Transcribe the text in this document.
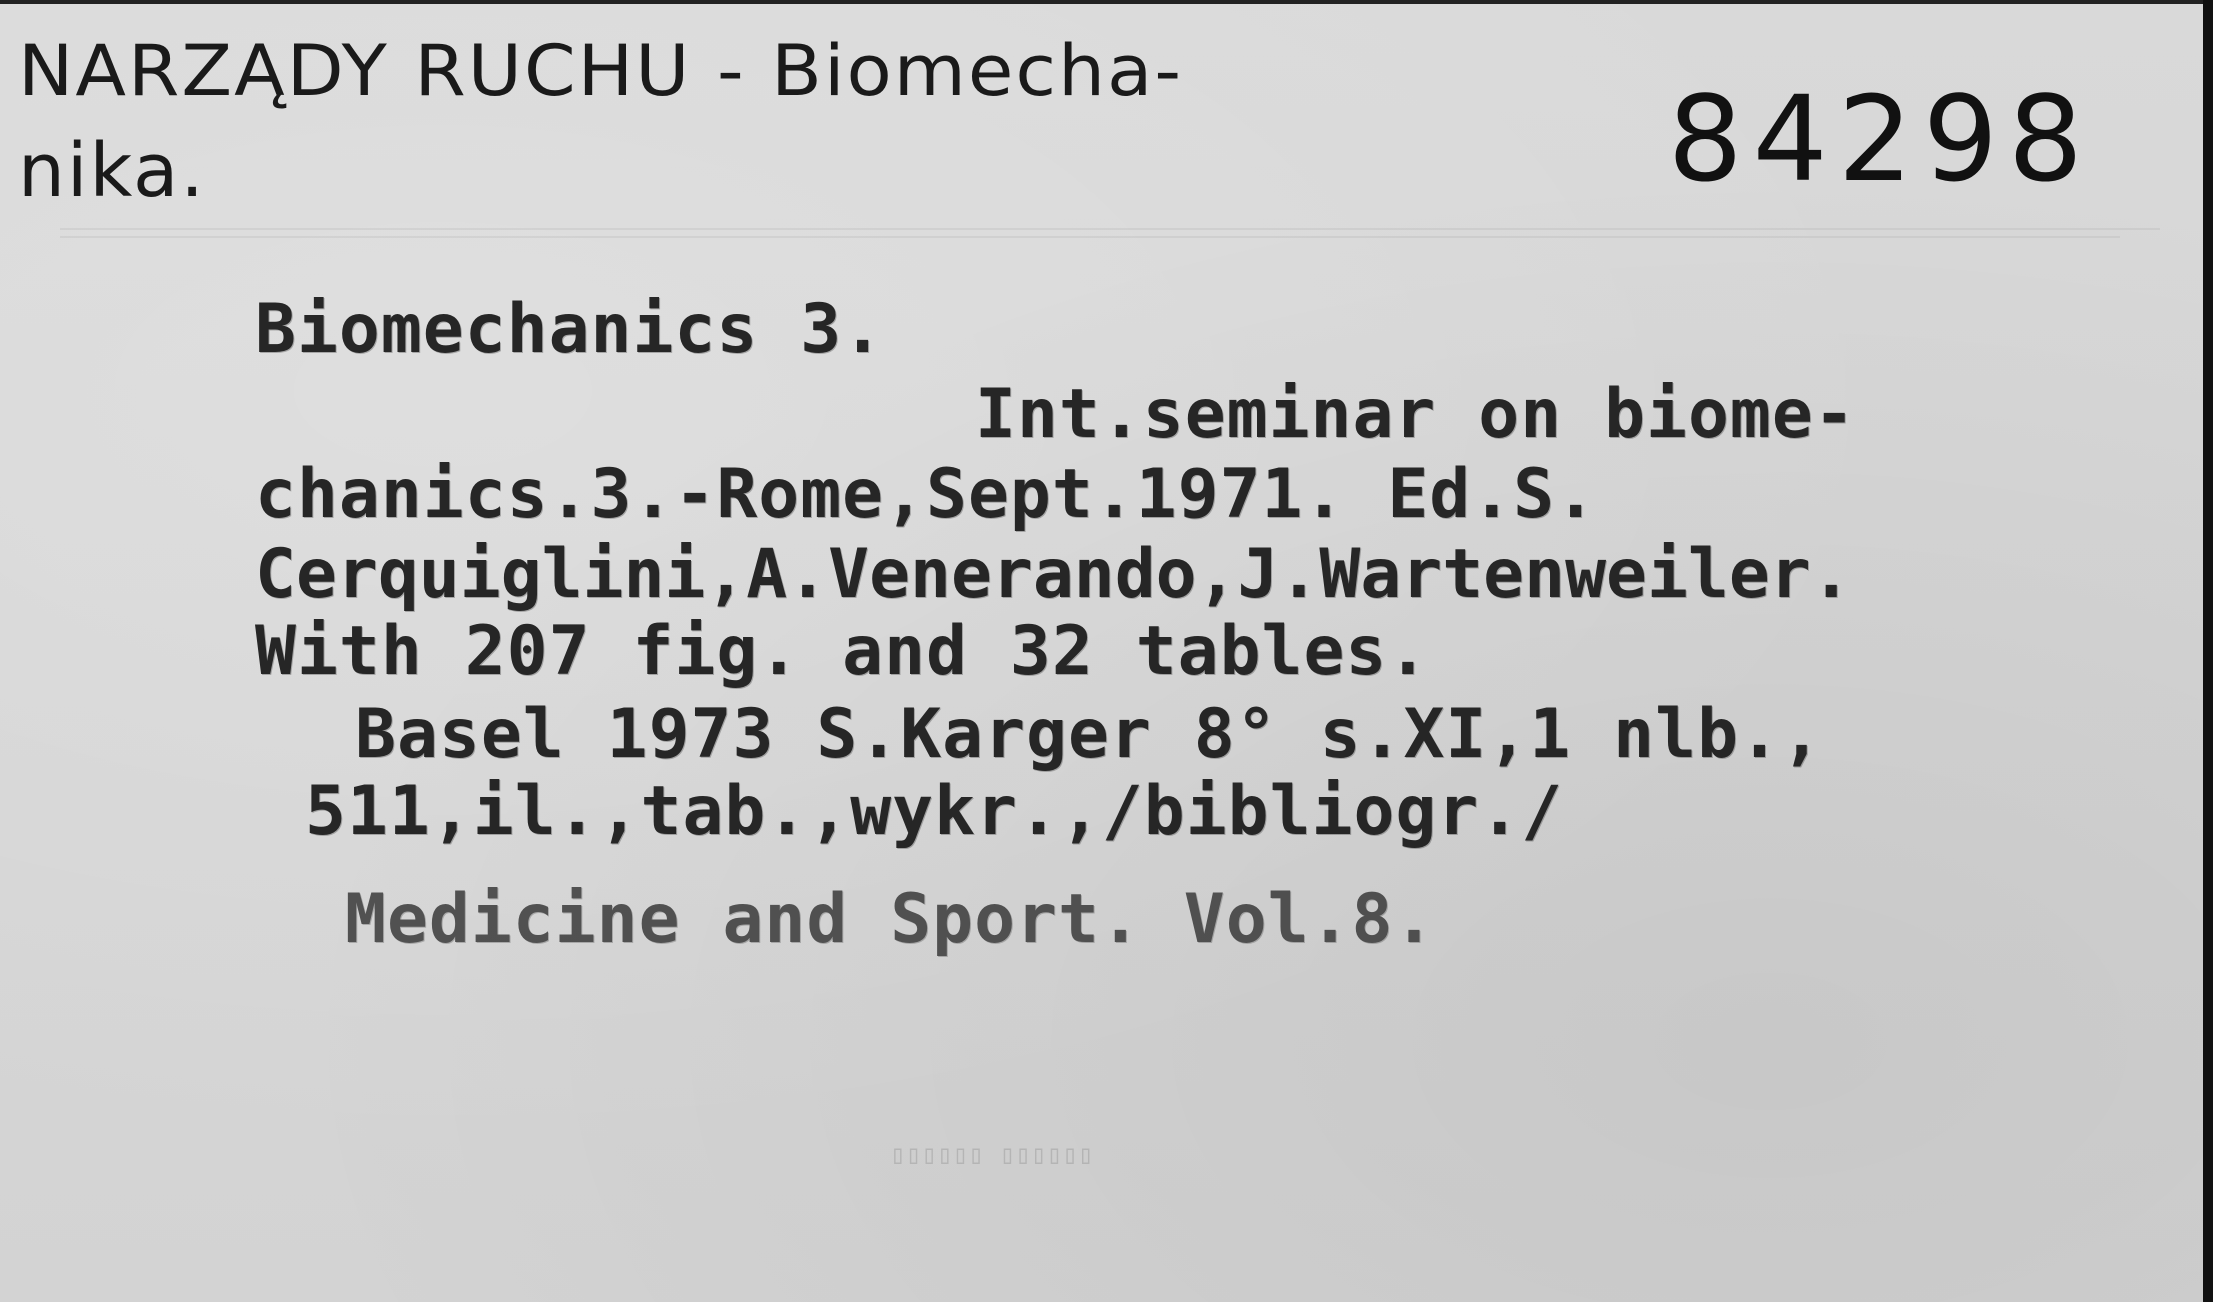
NARZĄDY RUCHU - Biomecha-
nika.	84298
Biomechanics 3.
Int.seminar on biome-
chanics.3.-Rome,Sept.1971. Ed.S.
Cerquiglini,A.Venerando,J.Wartenweiler.
With 207 fig. and 32 tables.
Basel 1973 S.Karger 8° s.XI,1 nlb.,
511,il.,tab.,wykr.,/bibliogr./
Medicine and Sport. Vol.8.
▯▯▯▯▯▯ ▯▯▯▯▯▯
